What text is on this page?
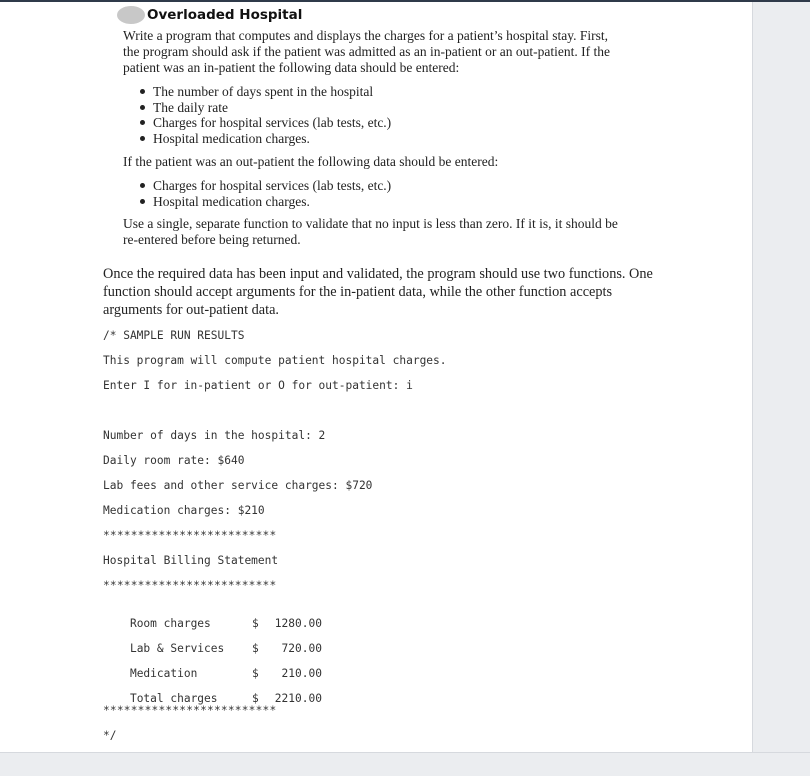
Overloaded Hospital

Write a program that computes and displays the charges for a patient’s hospital stay. First, the program should ask if the patient was admitted as an in-patient or an out-patient. If the patient was an in-patient the following data should be entered:

The number of days spent in the hospital
The daily rate
Charges for hospital services (lab tests, etc.)
Hospital medication charges.

If the patient was an out-patient the following data should be entered:

Charges for hospital services (lab tests, etc.)
Hospital medication charges.

Use a single, separate function to validate that no input is less than zero. If it is, it should be re-entered before being returned.

Once the required data has been input and validated, the program should use two functions. One function should accept arguments for the in-patient data, while the other function accepts arguments for out-patient data.

/* SAMPLE RUN RESULTS
This program will compute patient hospital charges.
Enter I for in-patient or O for out-patient: i
Number of days in the hospital: 2
Daily room rate: $640
Lab fees and other service charges: $720
Medication charges: $210
*************************
Hospital Billing Statement
*************************

Room charges	$ 1280.00

Lab & Services $ 720.00

Medication	$ 210.00

Total charges	$ 2210.00

*************************
*/
